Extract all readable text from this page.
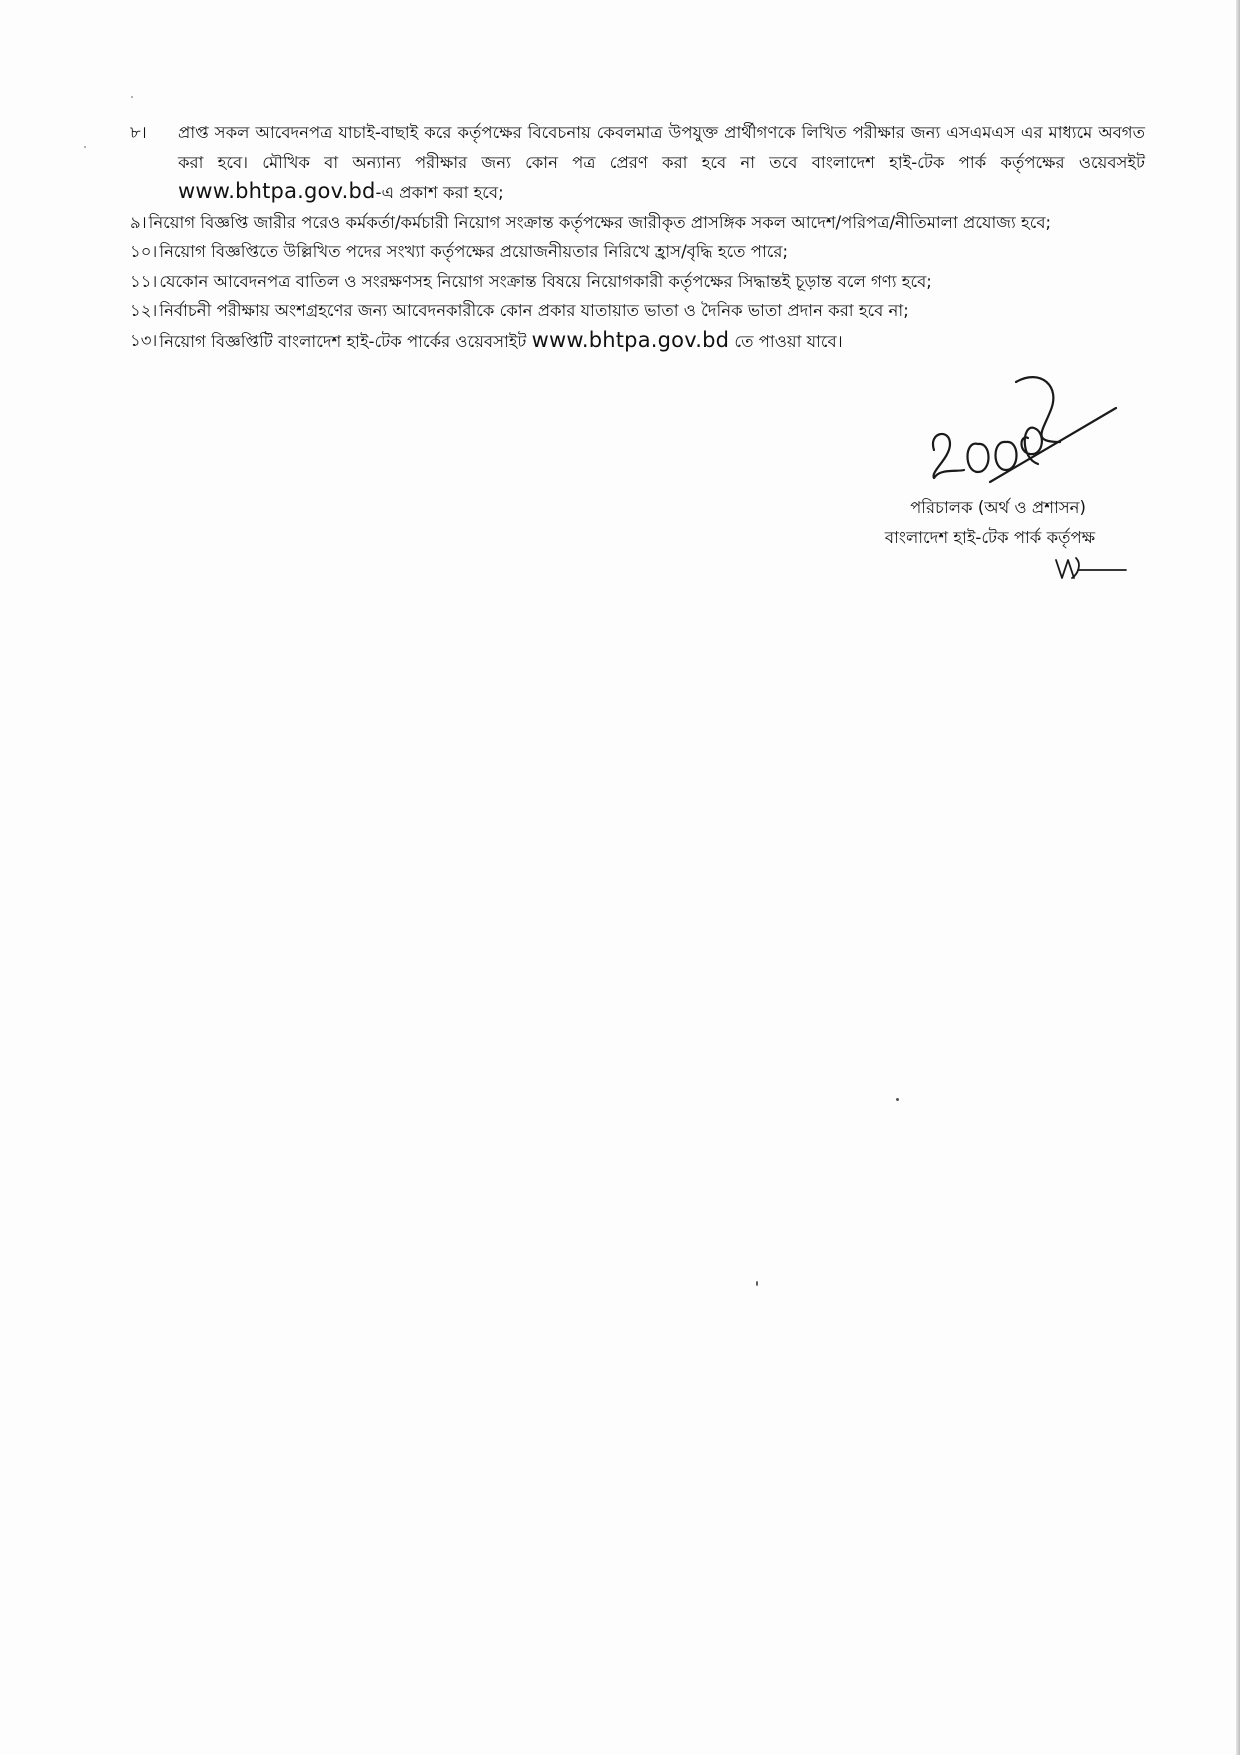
৮।	প্রাপ্ত সকল আবেদনপত্র যাচাই-বাছাই করে কর্তৃপক্ষের বিবেচনায় কেবলমাত্র উপযুক্ত প্রার্থীগণকে লিখিত পরীক্ষার জন্য এসএমএস এর মাধ্যমে অবগত করা হবে। মৌখিক বা অন্যান্য পরীক্ষার জন্য কোন পত্র প্রেরণ করা হবে না তবে বাংলাদেশ হাই-টেক পার্ক কর্তৃপক্ষের ওয়েবসইট www.bhtpa.gov.bd-এ প্রকাশ করা হবে;
৯। নিয়োগ বিজ্ঞপ্তি জারীর পরেও কর্মকর্তা/কর্মচারী নিয়োগ সংক্রান্ত কর্তৃপক্ষের জারীকৃত প্রাসঙ্গিক সকল আদেশ/পরিপত্র/নীতিমালা প্রযোজ্য হবে;
১০। নিয়োগ বিজ্ঞপ্তিতে উল্লিখিত পদের সংখ্যা কর্তৃপক্ষের প্রয়োজনীয়তার নিরিখে হ্রাস/বৃদ্ধি হতে পারে;
১১। যেকোন আবেদনপত্র বাতিল ও সংরক্ষণসহ নিয়োগ সংক্রান্ত বিষয়ে নিয়োগকারী কর্তৃপক্ষের সিদ্ধান্তই চূড়ান্ত বলে গণ্য হবে;
১২। নির্বাচনী পরীক্ষায় অংশগ্রহণের জন্য আবেদনকারীকে কোন প্রকার যাতায়াত ভাতা ও দৈনিক ভাতা প্রদান করা হবে না;
১৩। নিয়োগ বিজ্ঞপ্তিটি বাংলাদেশ হাই-টেক পার্কের ওয়েবসাইট www.bhtpa.gov.bd তে পাওয়া যাবে।
পরিচালক (অর্থ ও প্রশাসন)
বাংলাদেশ হাই-টেক পার্ক কর্তৃপক্ষ
